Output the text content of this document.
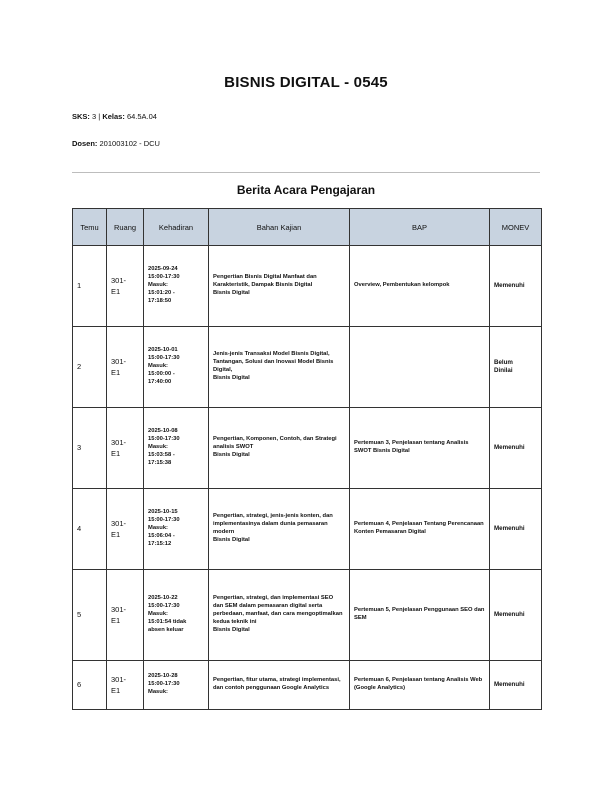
BISNIS DIGITAL - 0545
SKS: 3 | Kelas: 64.5A.04
Dosen: 201003102 - DCU
Berita Acara Pengajaran
Temu	Ruang	Kehadiran	Bahan Kajian	BAP	MONEV
1	301-
E1	2025-09-24
15:00-17:30
Masuk:
15:01:20 -
17:18:50	Pengertian Bisnis Digital Manfaat dan Karakteristik, Dampak Bisnis Digital
Bisnis Digital	Overview, Pembentukan kelompok	Memenuhi
2	301-
E1	2025-10-01
15:00-17:30
Masuk:
15:00:00 -
17:40:00	Jenis-jenis Transaksi Model Bisnis Digital, Tantangan, Solusi dan Inovasi Model Bisnis Digital,
Bisnis Digital		Belum
Dinilai
3	301-
E1	2025-10-08
15:00-17:30
Masuk:
15:03:58 -
17:15:38	Pengertian, Komponen, Contoh, dan Strategi analisis SWOT
Bisnis Digital	Pertemuan 3, Penjelasan tentang Analisis SWOT Bisnis Digital	Memenuhi
4	301-
E1	2025-10-15
15:00-17:30
Masuk:
15:06:04 -
17:15:12	Pengertian, strategi, jenis-jenis konten, dan implementasinya dalam dunia pemasaran modern
Bisnis Digital	Pertemuan 4, Penjelasan Tentang Perencanaan Konten Pemasaran Digital	Memenuhi
5	301-
E1	2025-10-22
15:00-17:30
Masuk:
15:01:54 tidak absen keluar	Pengertian, strategi, dan implementasi SEO dan SEM dalam pemasaran digital serta perbedaan, manfaat, dan cara mengoptimalkan kedua teknik ini
Bisnis Digital	Pertemuan 5, Penjelasan Penggunaan SEO dan SEM	Memenuhi
6	301-
E1	2025-10-28
15:00-17:30
Masuk:	Pengertian, fitur utama, strategi implementasi, dan contoh penggunaan Google Analytics	Pertemuan 6, Penjelasan tentang Analisis Web (Google Analytics)	Memenuhi
